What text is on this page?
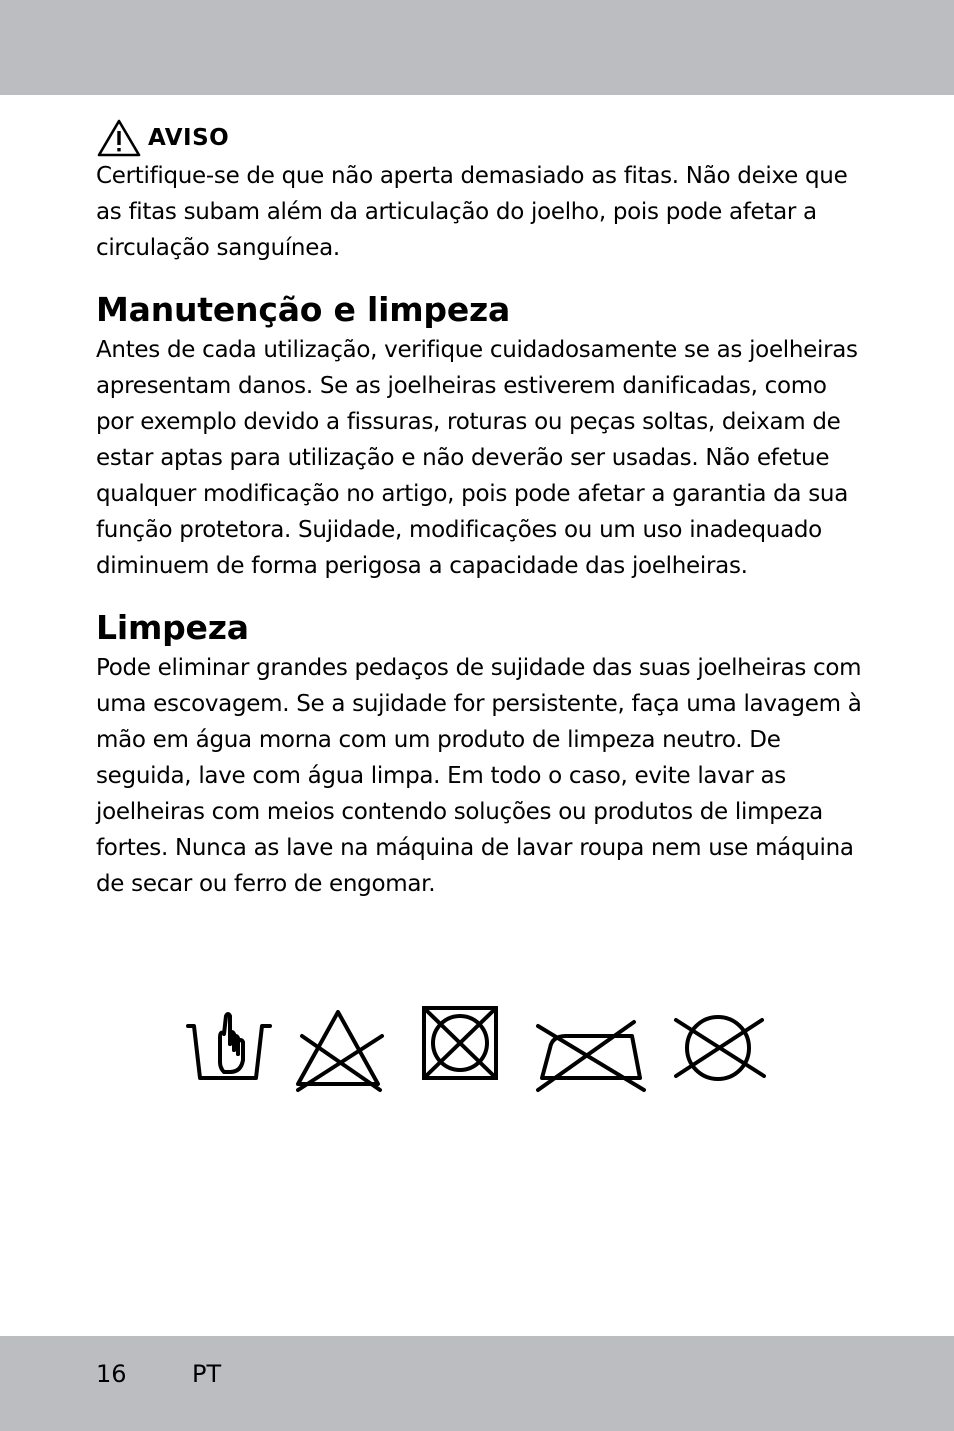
AVISO

Certifique-se de que não aperta demasiado as fitas. Não deixe que as fitas subam além da articulação do joelho, pois pode afetar a circulação sanguínea.

Manutenção e limpeza

Antes de cada utilização, verifique cuidadosamente se as joelheiras apresentam danos. Se as joelheiras estiverem danificadas, como por exemplo devido a fissuras, roturas ou peças soltas, deixam de estar aptas para utilização e não deverão ser usadas. Não efetue qualquer modificação no artigo, pois pode afetar a garantia da sua função protetora. Sujidade, modificações ou um uso inadequado diminuem de forma perigosa a capacidade das joelheiras.

Limpeza

Pode eliminar grandes pedaços de sujidade das suas joelheiras com uma escovagem. Se a sujidade for persistente, faça uma lavagem à mão em água morna com um produto de limpeza neutro. De seguida, lave com água limpa. Em todo o caso, evite lavar as joelheiras com meios contendo soluções ou produtos de limpeza fortes. Nunca as lave na máquina de lavar roupa nem use máquina de secar ou ferro de engomar.

16	PT
